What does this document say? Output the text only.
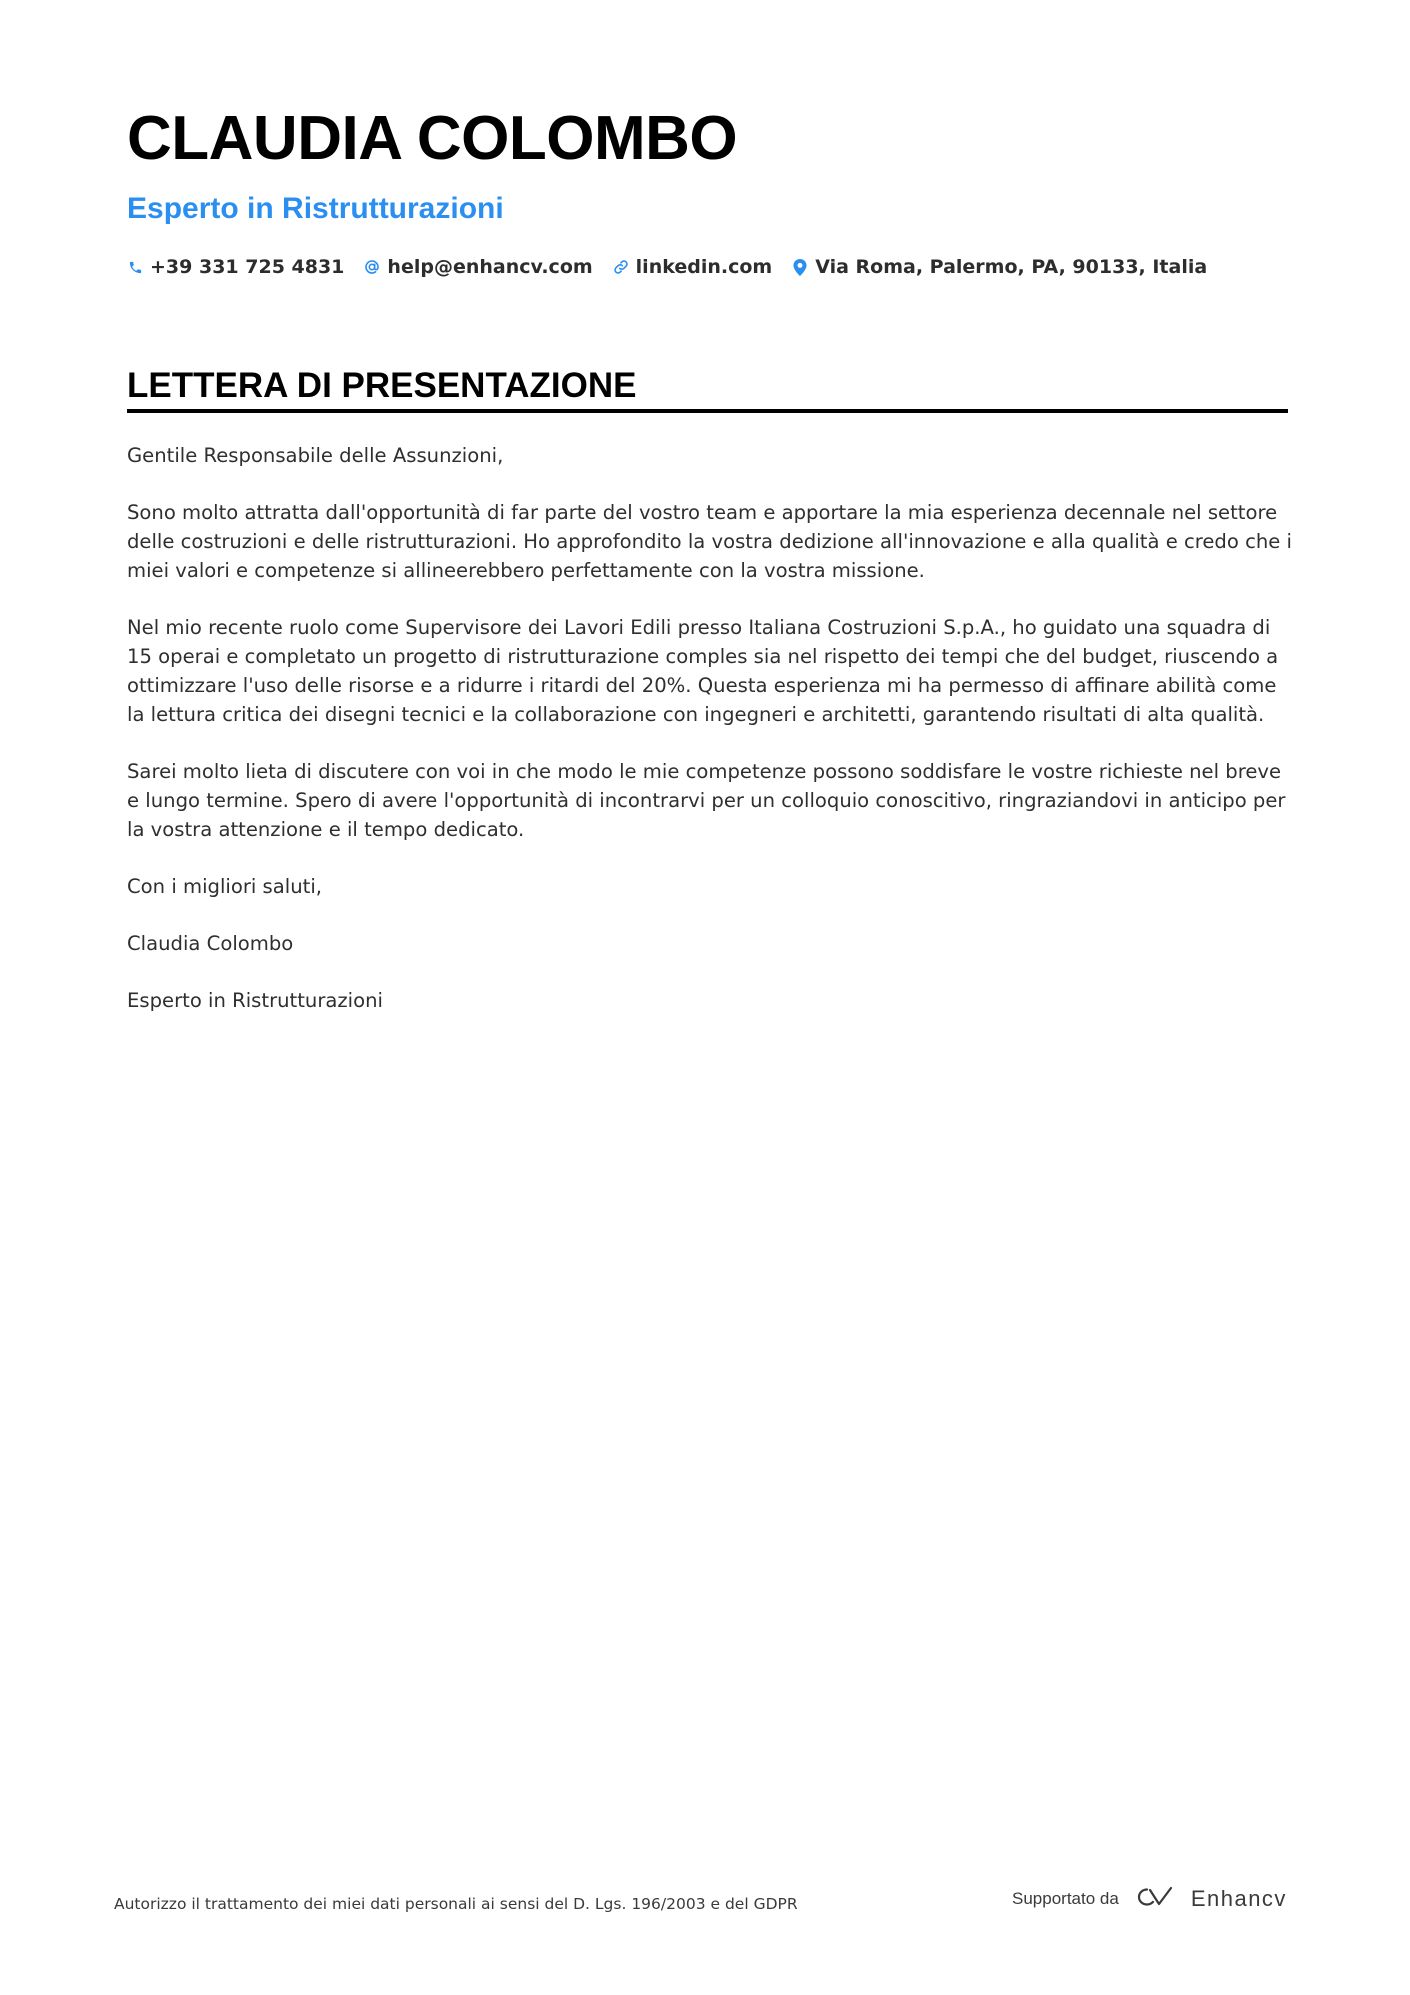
CLAUDIA COLOMBO
Esperto in Ristrutturazioni
+39 331 725 4831 help@enhancv.com linkedin.com Via Roma, Palermo, PA, 90133, Italia
LETTERA DI PRESENTAZIONE

Gentile Responsabile delle Assunzioni,

Sono molto attratta dall'opportunità di far parte del vostro team e apportare la mia esperienza decennale nel settore delle costruzioni e delle ristrutturazioni. Ho approfondito la vostra dedizione all'innovazione e alla qualità e credo che i miei valori e competenze si allineerebbero perfettamente con la vostra missione.

Nel mio recente ruolo come Supervisore dei Lavori Edili presso Italiana Costruzioni S.p.A., ho guidato una squadra di 15 operai e completato un progetto di ristrutturazione comples sia nel rispetto dei tempi che del budget, riuscendo a ottimizzare l'uso delle risorse e a ridurre i ritardi del 20%. Questa esperienza mi ha permesso di affinare abilità come la lettura critica dei disegni tecnici e la collaborazione con ingegneri e architetti, garantendo risultati di alta qualità.

Sarei molto lieta di discutere con voi in che modo le mie competenze possono soddisfare le vostre richieste nel breve e lungo termine. Spero di avere l'opportunità di incontrarvi per un colloquio conoscitivo, ringraziandovi in anticipo per la vostra attenzione e il tempo dedicato.

Con i migliori saluti,

Claudia Colombo

Esperto in Ristrutturazioni

Autorizzo il trattamento dei miei dati personali ai sensi del D. Lgs. 196/2003 e del GDPR	Supportato da	Enhancv
